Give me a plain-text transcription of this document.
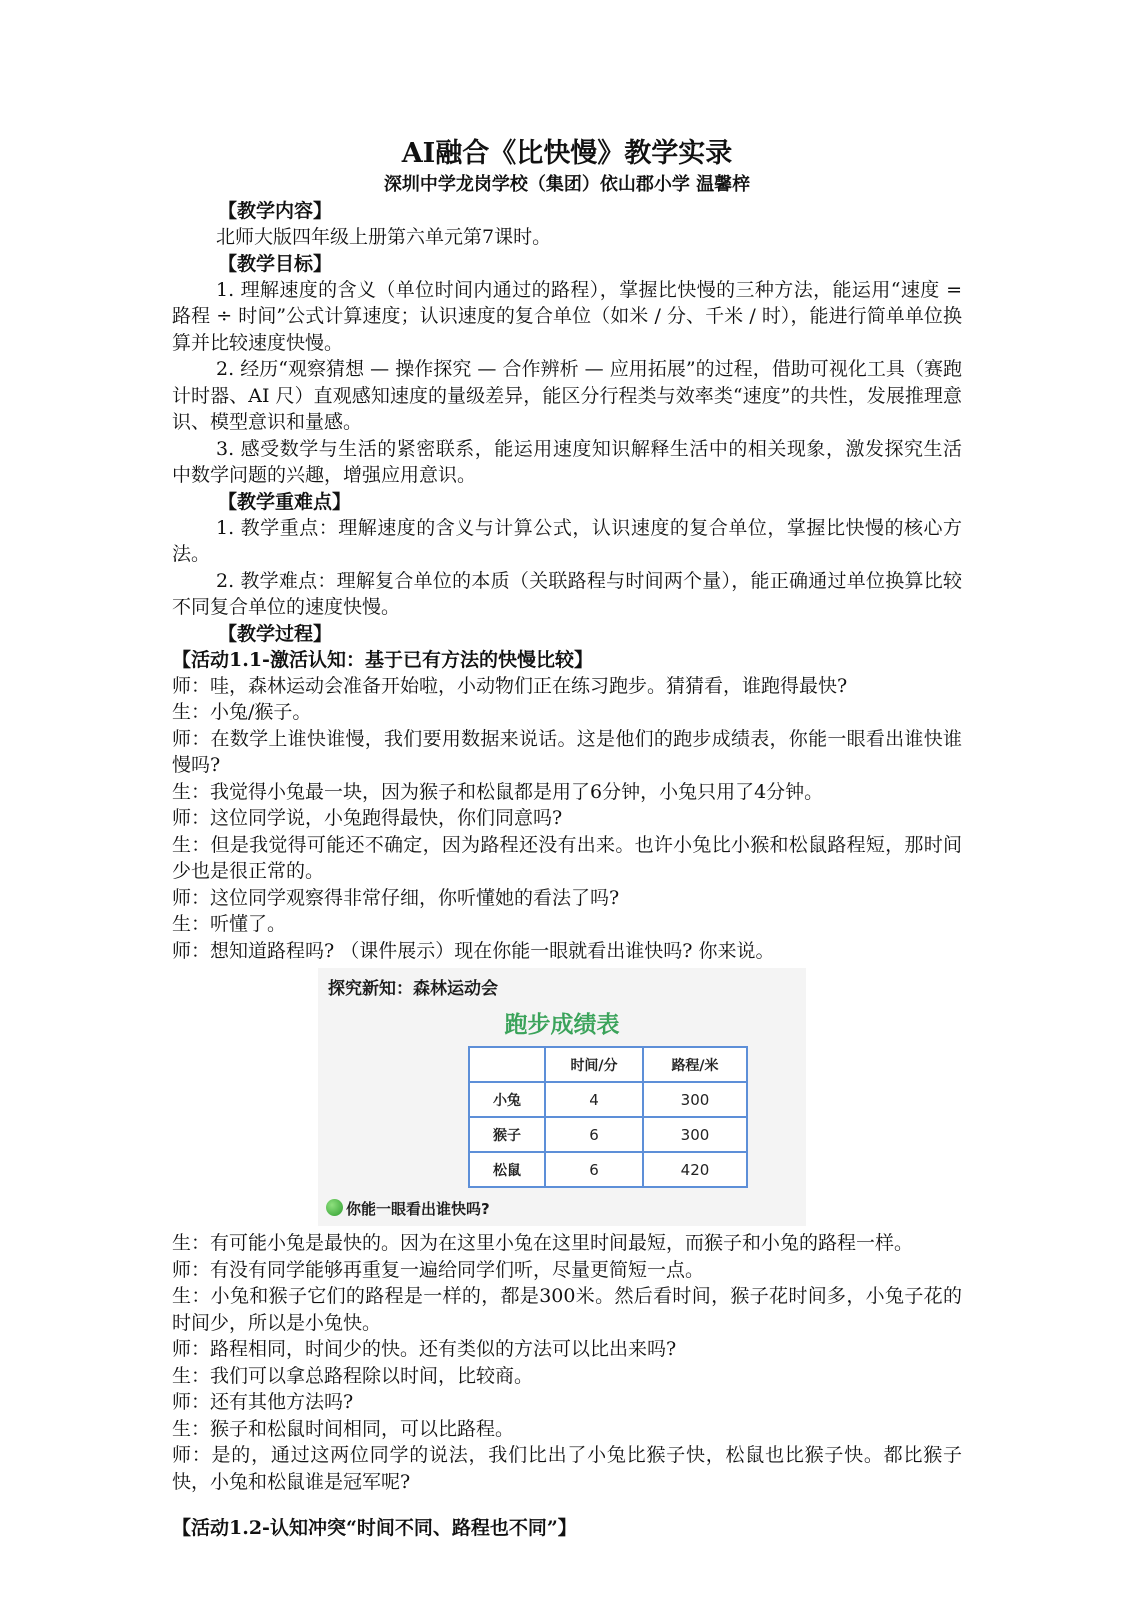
AI融合《比快慢》教学实录
深圳中学龙岗学校（集团）依山郡小学 温馨梓
【教学内容】
北师大版四年级上册第六单元第7课时。
【教学目标】
1. 理解速度的含义（单位时间内通过的路程），掌握比快慢的三种方法，能运用“速度 = 路程 ÷ 时间”公式计算速度；认识速度的复合单位（如米 / 分、千米 / 时），能进行简单单位换算并比较速度快慢。
2. 经历“观察猜想 — 操作探究 — 合作辨析 — 应用拓展”的过程，借助可视化工具（赛跑计时器、AI 尺）直观感知速度的量级差异，能区分行程类与效率类“速度”的共性，发展推理意识、模型意识和量感。
3. 感受数学与生活的紧密联系，能运用速度知识解释生活中的相关现象，激发探究生活中数学问题的兴趣，增强应用意识。
【教学重难点】
1. 教学重点：理解速度的含义与计算公式，认识速度的复合单位，掌握比快慢的核心方法。
2. 教学难点：理解复合单位的本质（关联路程与时间两个量），能正确通过单位换算比较不同复合单位的速度快慢。
【教学过程】
【活动1.1-激活认知：基于已有方法的快慢比较】
师：哇，森林运动会准备开始啦，小动物们正在练习跑步。猜猜看，谁跑得最快?
生：小兔/猴子。
师：在数学上谁快谁慢，我们要用数据来说话。这是他们的跑步成绩表，你能一眼看出谁快谁慢吗?
生：我觉得小兔最一块，因为猴子和松鼠都是用了6分钟，小兔只用了4分钟。
师：这位同学说，小兔跑得最快，你们同意吗?
生：但是我觉得可能还不确定，因为路程还没有出来。也许小兔比小猴和松鼠路程短，那时间少也是很正常的。
师：这位同学观察得非常仔细，你听懂她的看法了吗?
生：听懂了。
师：想知道路程吗? （课件展示）现在你能一眼就看出谁快吗? 你来说。
探究新知：森林运动会
跑步成绩表
	时间/分	路程/米
小兔	4	300
猴子	6	300
松鼠	6	420
你能一眼看出谁快吗?
生：有可能小兔是最快的。因为在这里小兔在这里时间最短，而猴子和小兔的路程一样。
师：有没有同学能够再重复一遍给同学们听，尽量更简短一点。
生：小兔和猴子它们的路程是一样的，都是300米。然后看时间，猴子花时间多，小兔子花的时间少，所以是小兔快。
师：路程相同，时间少的快。还有类似的方法可以比出来吗?
生：我们可以拿总路程除以时间，比较商。
师：还有其他方法吗?
生：猴子和松鼠时间相同，可以比路程。
师：是的，通过这两位同学的说法，我们比出了小兔比猴子快，松鼠也比猴子快。都比猴子快，小兔和松鼠谁是冠军呢?
【活动1.2-认知冲突“时间不同、路程也不同”】
